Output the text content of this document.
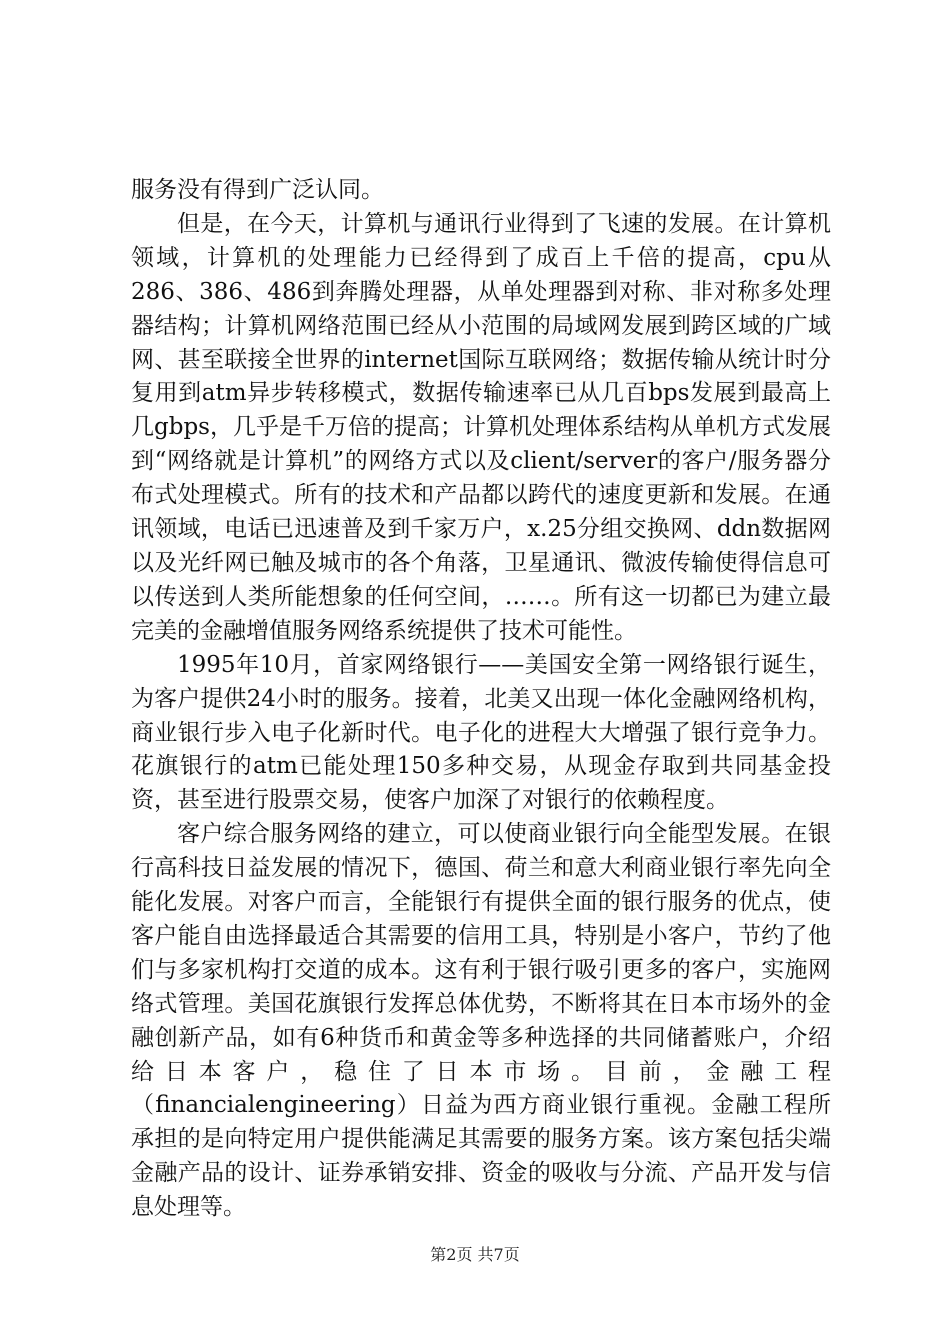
服务没有得到广泛认同。

但是，在今天，计算机与通讯行业得到了飞速的发展。在计算机领域，计算机的处理能力已经得到了成百上千倍的提高，cpu从286、386、486到奔腾处理器，从单处理器到对称、非对称多处理器结构；计算机网络范围已经从小范围的局域网发展到跨区域的广域网、甚至联接全世界的internet国际互联网络；数据传输从统计时分复用到atm异步转移模式，数据传输速率已从几百bps发展到最高上几gbps，几乎是千万倍的提高；计算机处理体系结构从单机方式发展到“网络就是计算机”的网络方式以及client/server的客户/服务器分布式处理模式。所有的技术和产品都以跨代的速度更新和发展。在通讯领域，电话已迅速普及到千家万户，x.25分组交换网、ddn数据网以及光纤网已触及城市的各个角落，卫星通讯、微波传输使得信息可以传送到人类所能想象的任何空间，……。所有这一切都已为建立最完美的金融增值服务网络系统提供了技术可能性。

1995年10月，首家网络银行——美国安全第一网络银行诞生，为客户提供24小时的服务。接着，北美又出现一体化金融网络机构，商业银行步入电子化新时代。电子化的进程大大增强了银行竞争力。花旗银行的atm已能处理150多种交易，从现金存取到共同基金投资，甚至进行股票交易，使客户加深了对银行的依赖程度。

客户综合服务网络的建立，可以使商业银行向全能型发展。在银行高科技日益发展的情况下，德国、荷兰和意大利商业银行率先向全能化发展。对客户而言，全能银行有提供全面的银行服务的优点，使客户能自由选择最适合其需要的信用工具，特别是小客户，节约了他们与多家机构打交道的成本。这有利于银行吸引更多的客户，实施网络式管理。美国花旗银行发挥总体优势，不断将其在日本市场外的金融创新产品，如有6种货币和黄金等多种选择的共同储蓄账户，介绍给日本客户，稳住了日本市场。目前，金融工程（financialengineering）日益为西方商业银行重视。金融工程所承担的是向特定用户提供能满足其需要的服务方案。该方案包括尖端金融产品的设计、证券承销安排、资金的吸收与分流、产品开发与信息处理等。

第2页 共7页
